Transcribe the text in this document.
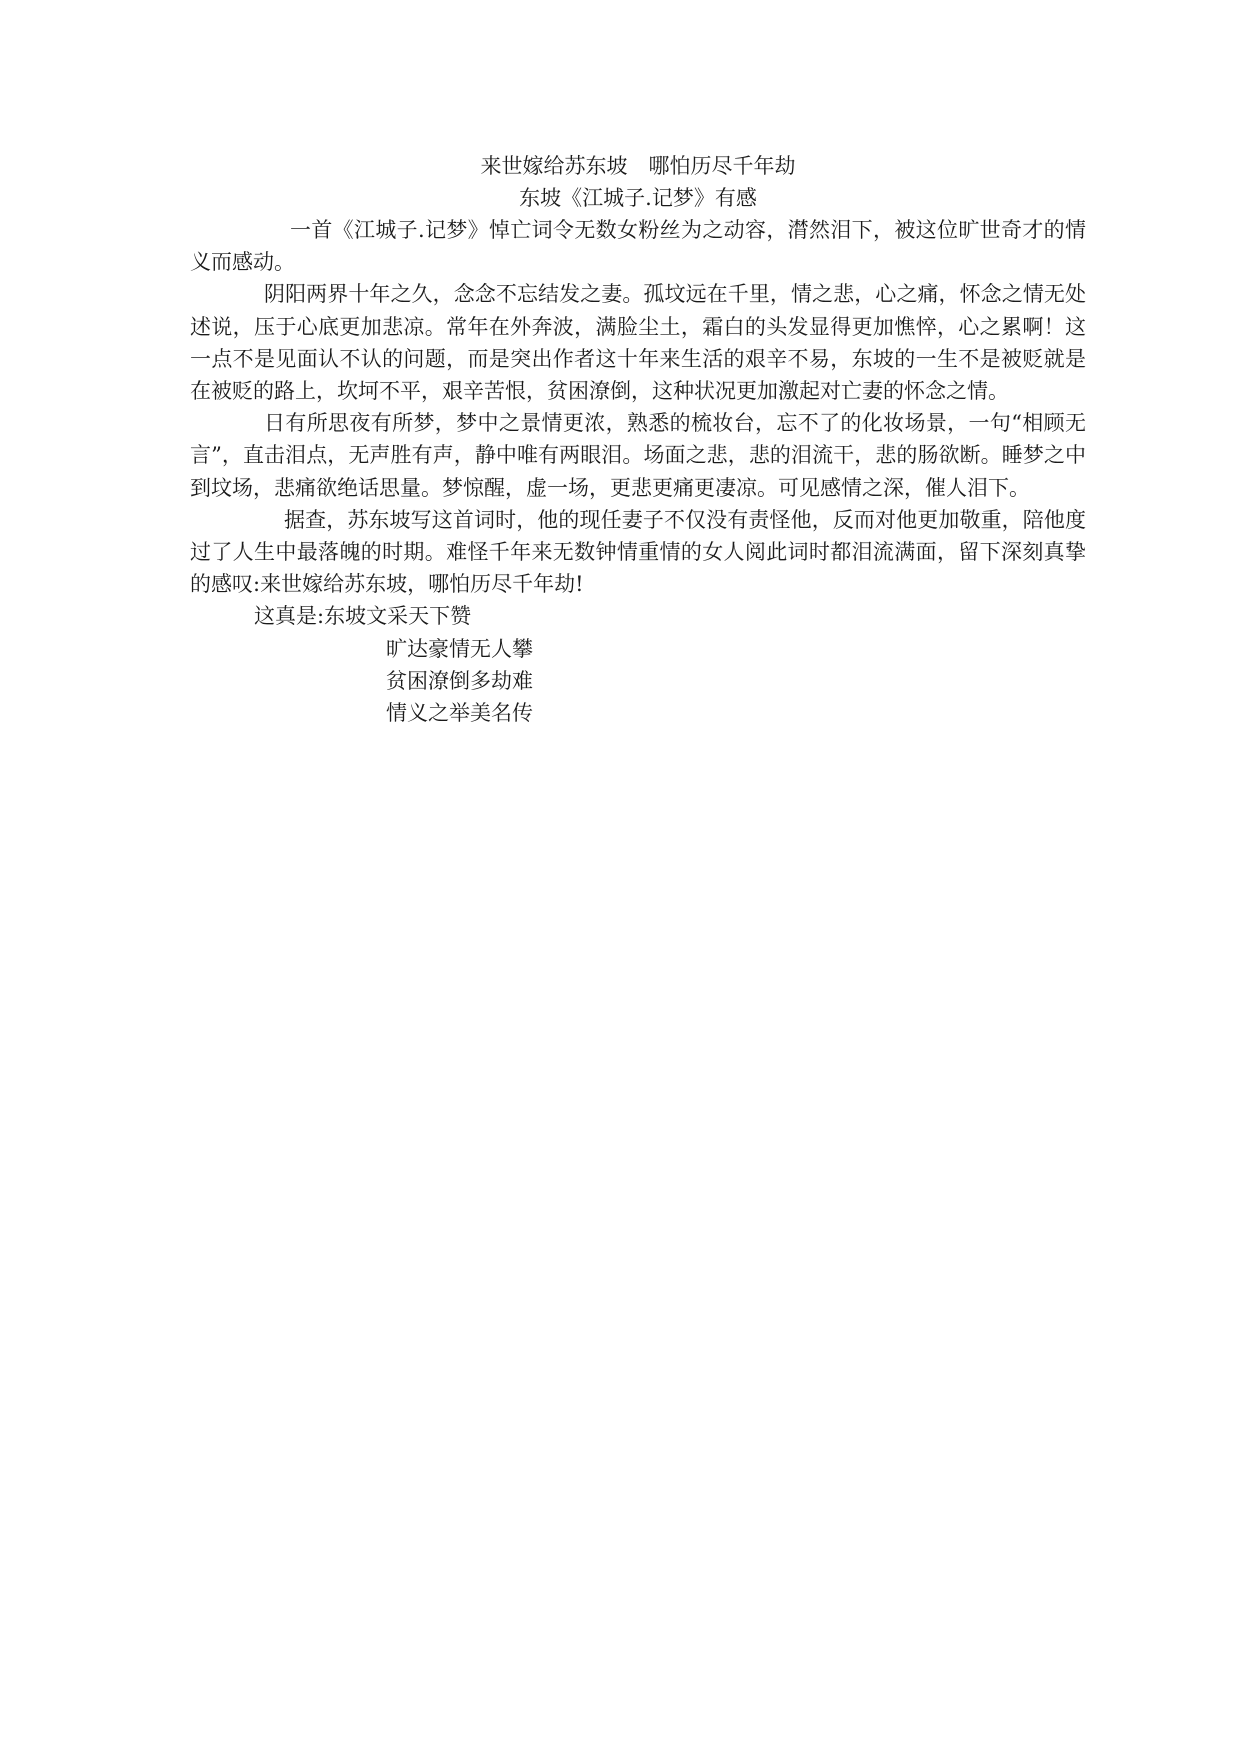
来世嫁给苏东坡　哪怕历尽千年劫
东坡《江城子.记梦》有感

一首《江城子.记梦》悼亡词令无数女粉丝为之动容，潸然泪下，被这位旷世奇才的情义而感动。

阴阳两界十年之久，念念不忘结发之妻。孤坟远在千里，情之悲，心之痛，怀念之情无处述说，压于心底更加悲凉。常年在外奔波，满脸尘土，霜白的头发显得更加憔悴，心之累啊！这一点不是见面认不认的问题，而是突出作者这十年来生活的艰辛不易，东坡的一生不是被贬就是在被贬的路上，坎坷不平，艰辛苦恨，贫困潦倒，这种状况更加激起对亡妻的怀念之情。

日有所思夜有所梦，梦中之景情更浓，熟悉的梳妆台，忘不了的化妆场景，一句“相顾无言”，直击泪点，无声胜有声，静中唯有两眼泪。场面之悲，悲的泪流干，悲的肠欲断。睡梦之中到坟场，悲痛欲绝话思量。梦惊醒，虚一场，更悲更痛更凄凉。可见感情之深，催人泪下。

据查，苏东坡写这首词时，他的现任妻子不仅没有责怪他，反而对他更加敬重，陪他度过了人生中最落魄的时期。难怪千年来无数钟情重情的女人阅此词时都泪流满面，留下深刻真挚的感叹:来世嫁给苏东坡，哪怕历尽千年劫!

这真是:东坡文采天下赞

旷达豪情无人攀

贫困潦倒多劫难

情义之举美名传
